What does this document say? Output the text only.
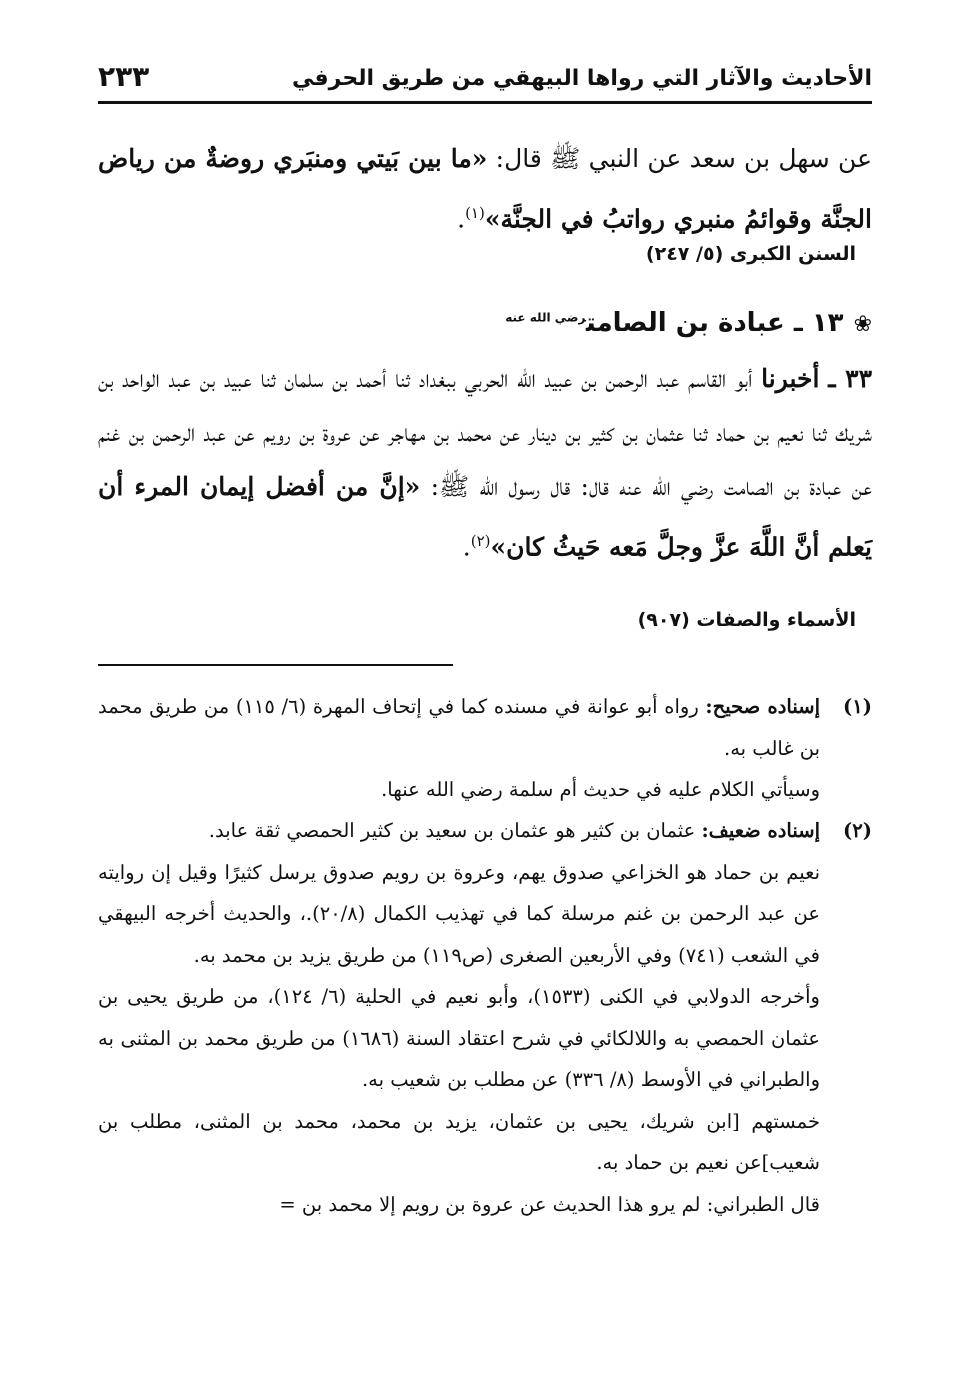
الأحاديث والآثار التي رواها البيهقي من طريق الحرفي
٢٣٣
عن سهل بن سعد عن النبي ﷺ قال: «ما بين بَيتي ومنبَري روضةٌ من رياض الجنَّة وقوائمُ منبري رواتبُ في الجنَّة»$^{(١)}$.
السنن الكبرى (٥/ ٢٤٧)
❀١٣ ـ عبادة بن الصامت$^{رضي الله عنه}$
٣٣ ـ أخبرنا أبو القاسم عبد الرحمن بن عبيد الله الحربي ببغداد ثنا أحمد بن سلمان ثنا عبيد بن عبد الواحد بن شريك ثنا نعيم بن حماد ثنا عثمان بن كثير بن دينار عن محمد بن مهاجر عن عروة بن رويم عن عبد الرحمن بن غنم عن عبادة بن الصامت رضي الله عنه قال: قال رسول الله ﷺ: «إنَّ من أفضل إيمان المرء أن يَعلم أنَّ اللَّهَ عزَّ وجلَّ مَعه حَيثُ كان»$^{(٢)}$.
الأسماء والصفات (٩٠٧)
(١)

إسناده صحيح: رواه أبو عوانة في مسنده كما في إتحاف المهرة (٦/ ١١٥) من طريق محمد بن غالب به.

وسيأتي الكلام عليه في حديث أم سلمة رضي الله عنها.

(٢)

إسناده ضعيف: عثمان بن كثير هو عثمان بن سعيد بن كثير الحمصي ثقة عابد.

نعيم بن حماد هو الخزاعي صدوق يهم، وعروة بن رويم صدوق يرسل كثيرًا وقيل إن روايته عن عبد الرحمن بن غنم مرسلة كما في تهذيب الكمال (٢٠/٨).، والحديث أخرجه البيهقي في الشعب (٧٤١) وفي الأربعين الصغرى (ص١١٩) من طريق يزيد بن محمد به.

وأخرجه الدولابي في الكنى (١٥٣٣)، وأبو نعيم في الحلية (٦/ ١٢٤)، من طريق يحيى بن عثمان الحمصي به واللالكائي في شرح اعتقاد السنة (١٦٨٦) من طريق محمد بن المثنى به والطبراني في الأوسط (٨/ ٣٣٦) عن مطلب بن شعيب به.

خمستهم [ابن شريك، يحيى بن عثمان، يزيد بن محمد، محمد بن المثنى، مطلب بن شعيب]عن نعيم بن حماد به.

قال الطبراني: لم يرو هذا الحديث عن عروة بن رويم إلا محمد بن =
